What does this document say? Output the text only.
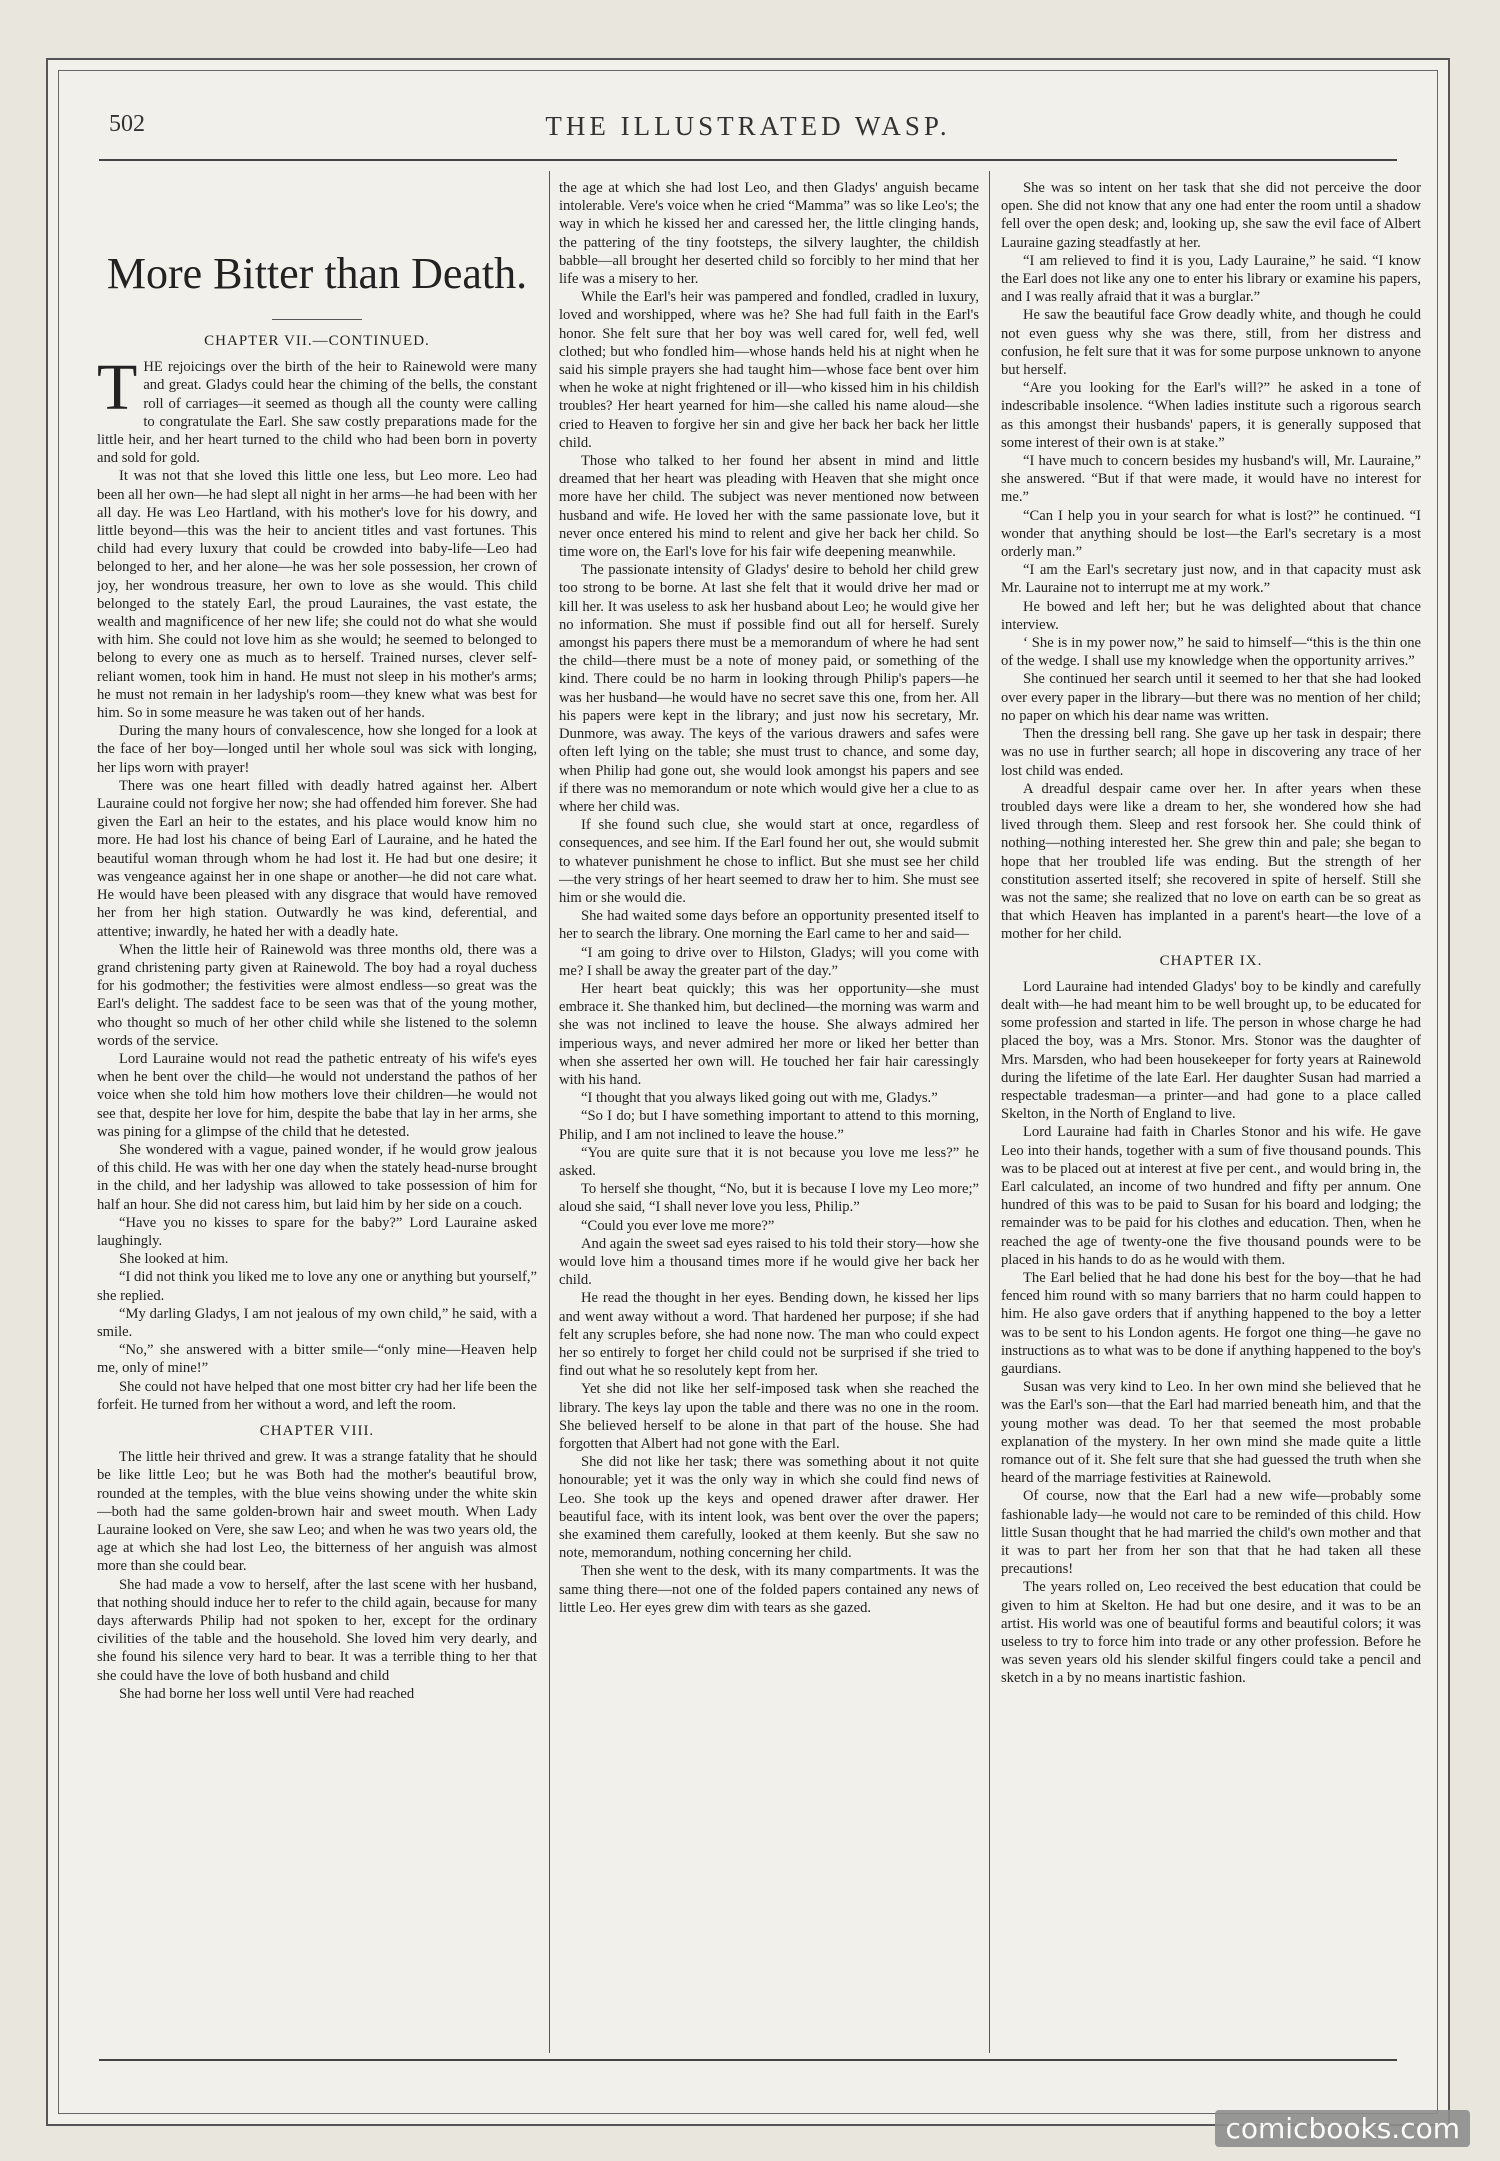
502	THE ILLUSTRATED WASP.
More Bitter than Death.
CHAPTER VII.—CONTINUED.

THE rejoicings over the birth of the heir to Rainewold were many and great. Gladys could hear the chiming of the bells, the constant roll of carriages—it seemed as though all the county were calling to congratulate the Earl. She saw costly preparations made for the little heir, and her heart turned to the child who had been born in poverty and sold for gold.

It was not that she loved this little one less, but Leo more. Leo had been all her own—he had slept all night in her arms—he had been with her all day. He was Leo Hartland, with his mother's love for his dowry, and little beyond—this was the heir to ancient titles and vast fortunes. This child had every luxury that could be crowded into baby-life—Leo had belonged to her, and her alone—he was her sole possession, her crown of joy, her wondrous treasure, her own to love as she would. This child belonged to the stately Earl, the proud Lauraines, the vast estate, the wealth and magnificence of her new life; she could not do what she would with him. She could not love him as she would; he seemed to belonged to belong to every one as much as to herself. Trained nurses, clever self-reliant women, took him in hand. He must not sleep in his mother's arms; he must not remain in her ladyship's room—they knew what was best for him. So in some measure he was taken out of her hands.

During the many hours of convalescence, how she longed for a look at the face of her boy—longed until her whole soul was sick with longing, her lips worn with prayer!

There was one heart filled with deadly hatred against her. Albert Lauraine could not forgive her now; she had offended him forever. She had given the Earl an heir to the estates, and his place would know him no more. He had lost his chance of being Earl of Lauraine, and he hated the beautiful woman through whom he had lost it. He had but one desire; it was vengeance against her in one shape or another—he did not care what. He would have been pleased with any disgrace that would have removed her from her high station. Outwardly he was kind, deferential, and attentive; inwardly, he hated her with a deadly hate.

When the little heir of Rainewold was three months old, there was a grand christening party given at Rainewold. The boy had a royal duchess for his godmother; the festivities were almost endless—so great was the Earl's delight. The saddest face to be seen was that of the young mother, who thought so much of her other child while she listened to the solemn words of the service.

Lord Lauraine would not read the pathetic entreaty of his wife's eyes when he bent over the child—he would not understand the pathos of her voice when she told him how mothers love their children—he would not see that, despite her love for him, despite the babe that lay in her arms, she was pining for a glimpse of the child that he detested.

She wondered with a vague, pained wonder, if he would grow jealous of this child. He was with her one day when the stately head-nurse brought in the child, and her ladyship was allowed to take possession of him for half an hour. She did not caress him, but laid him by her side on a couch.

“Have you no kisses to spare for the baby?” Lord Lauraine asked laughingly.

She looked at him.

“I did not think you liked me to love any one or anything but yourself,” she replied.

“My darling Gladys, I am not jealous of my own child,” he said, with a smile.

“No,” she answered with a bitter smile—“only mine—Heaven help me, only of mine!”

She could not have helped that one most bitter cry had her life been the forfeit. He turned from her without a word, and left the room.

CHAPTER VIII.

The little heir thrived and grew. It was a strange fatality that he should be like little Leo; but he was Both had the mother's beautiful brow, rounded at the temples, with the blue veins showing under the white skin—both had the same golden-brown hair and sweet mouth. When Lady Lauraine looked on Vere, she saw Leo; and when he was two years old, the age at which she had lost Leo, the bitterness of her anguish was almost more than she could bear.

She had made a vow to herself, after the last scene with her husband, that nothing should induce her to refer to the child again, because for many days afterwards Philip had not spoken to her, except for the ordinary civilities of the table and the household. She loved him very dearly, and she found his silence very hard to bear. It was a terrible thing to her that she could have the love of both husband and child

She had borne her loss well until Vere had reached

the age at which she had lost Leo, and then Gladys' anguish became intolerable. Vere's voice when he cried “Mamma” was so like Leo's; the way in which he kissed her and caressed her, the little clinging hands, the pattering of the tiny footsteps, the silvery laughter, the childish babble—all brought her deserted child so forcibly to her mind that her life was a misery to her.

While the Earl's heir was pampered and fondled, cradled in luxury, loved and worshipped, where was he? She had full faith in the Earl's honor. She felt sure that her boy was well cared for, well fed, well clothed; but who fondled him—whose hands held his at night when he said his simple prayers she had taught him—whose face bent over him when he woke at night frightened or ill—who kissed him in his childish troubles? Her heart yearned for him—she called his name aloud—she cried to Heaven to forgive her sin and give her back her back her little child.

Those who talked to her found her absent in mind and little dreamed that her heart was pleading with Heaven that she might once more have her child. The subject was never mentioned now between husband and wife. He loved her with the same passionate love, but it never once entered his mind to relent and give her back her child. So time wore on, the Earl's love for his fair wife deepening meanwhile.

The passionate intensity of Gladys' desire to behold her child grew too strong to be borne. At last she felt that it would drive her mad or kill her. It was useless to ask her husband about Leo; he would give her no information. She must if possible find out all for herself. Surely amongst his papers there must be a memorandum of where he had sent the child—there must be a note of money paid, or something of the kind. There could be no harm in looking through Philip's papers—he was her husband—he would have no secret save this one, from her. All his papers were kept in the library; and just now his secretary, Mr. Dunmore, was away. The keys of the various drawers and safes were often left lying on the table; she must trust to chance, and some day, when Philip had gone out, she would look amongst his papers and see if there was no memorandum or note which would give her a clue to as where her child was.

If she found such clue, she would start at once, regardless of consequences, and see him. If the Earl found her out, she would submit to whatever punishment he chose to inflict. But she must see her child—the very strings of her heart seemed to draw her to him. She must see him or she would die.

She had waited some days before an opportunity presented itself to her to search the library. One morning the Earl came to her and said—

“I am going to drive over to Hilston, Gladys; will you come with me? I shall be away the greater part of the day.”

Her heart beat quickly; this was her opportunity—she must embrace it. She thanked him, but declined—the morning was warm and she was not inclined to leave the house. She always admired her imperious ways, and never admired her more or liked her better than when she asserted her own will. He touched her fair hair caressingly with his hand.

“I thought that you always liked going out with me, Gladys.”

“So I do; but I have something important to attend to this morning, Philip, and I am not inclined to leave the house.”

“You are quite sure that it is not because you love me less?” he asked.

To herself she thought, “No, but it is because I love my Leo more;” aloud she said, “I shall never love you less, Philip.”

“Could you ever love me more?”

And again the sweet sad eyes raised to his told their story—how she would love him a thousand times more if he would give her back her child.

He read the thought in her eyes. Bending down, he kissed her lips and went away without a word. That hardened her purpose; if she had felt any scruples before, she had none now. The man who could expect her so entirely to forget her child could not be surprised if she tried to find out what he so resolutely kept from her.

Yet she did not like her self-imposed task when she reached the library. The keys lay upon the table and there was no one in the room. She believed herself to be alone in that part of the house. She had forgotten that Albert had not gone with the Earl.

She did not like her task; there was something about it not quite honourable; yet it was the only way in which she could find news of Leo. She took up the keys and opened drawer after drawer. Her beautiful face, with its intent look, was bent over the over the papers; she examined them carefully, looked at them keenly. But she saw no note, memorandum, nothing concerning her child.

Then she went to the desk, with its many compartments. It was the same thing there—not one of the folded papers contained any news of little Leo. Her eyes grew dim with tears as she gazed.

She was so intent on her task that she did not perceive the door open. She did not know that any one had enter the room until a shadow fell over the open desk; and, looking up, she saw the evil face of Albert Lauraine gazing steadfastly at her.

“I am relieved to find it is you, Lady Lauraine,” he said. “I know the Earl does not like any one to enter his library or examine his papers, and I was really afraid that it was a burglar.”

He saw the beautiful face Grow deadly white, and though he could not even guess why she was there, still, from her distress and confusion, he felt sure that it was for some purpose unknown to anyone but herself.

“Are you looking for the Earl's will?” he asked in a tone of indescribable insolence. “When ladies institute such a rigorous search as this amongst their husbands' papers, it is generally supposed that some interest of their own is at stake.”

“I have much to concern besides my husband's will, Mr. Lauraine,” she answered. “But if that were made, it would have no interest for me.”

“Can I help you in your search for what is lost?” he continued. “I wonder that anything should be lost—the Earl's secretary is a most orderly man.”

“I am the Earl's secretary just now, and in that capacity must ask Mr. Lauraine not to interrupt me at my work.”

He bowed and left her; but he was delighted about that chance interview.

‘ She is in my power now,” he said to himself—“this is the thin one of the wedge. I shall use my knowledge when the opportunity arrives.”

She continued her search until it seemed to her that she had looked over every paper in the library—but there was no mention of her child; no paper on which his dear name was written.

Then the dressing bell rang. She gave up her task in despair; there was no use in further search; all hope in discovering any trace of her lost child was ended.

A dreadful despair came over her. In after years when these troubled days were like a dream to her, she wondered how she had lived through them. Sleep and rest forsook her. She could think of nothing—nothing interested her. She grew thin and pale; she began to hope that her troubled life was ending. But the strength of her constitution asserted itself; she recovered in spite of herself. Still she was not the same; she realized that no love on earth can be so great as that which Heaven has implanted in a parent's heart—the love of a mother for her child.

CHAPTER IX.

Lord Lauraine had intended Gladys' boy to be kindly and carefully dealt with—he had meant him to be well brought up, to be educated for some profession and started in life. The person in whose charge he had placed the boy, was a Mrs. Stonor. Mrs. Stonor was the daughter of Mrs. Marsden, who had been housekeeper for forty years at Rainewold during the lifetime of the late Earl. Her daughter Susan had married a respectable tradesman—a printer—and had gone to a place called Skelton, in the North of England to live.

Lord Lauraine had faith in Charles Stonor and his wife. He gave Leo into their hands, together with a sum of five thousand pounds. This was to be placed out at interest at five per cent., and would bring in, the Earl calculated, an income of two hundred and fifty per annum. One hundred of this was to be paid to Susan for his board and lodging; the remainder was to be paid for his clothes and education. Then, when he reached the age of twenty-one the five thousand pounds were to be placed in his hands to do as he would with them.

The Earl belied that he had done his best for the boy—that he had fenced him round with so many barriers that no harm could happen to him. He also gave orders that if anything happened to the boy a letter was to be sent to his London agents. He forgot one thing—he gave no instructions as to what was to be done if anything happened to the boy's gaurdians.

Susan was very kind to Leo. In her own mind she believed that he was the Earl's son—that the Earl had married beneath him, and that the young mother was dead. To her that seemed the most probable explanation of the mystery. In her own mind she made quite a little romance out of it. She felt sure that she had guessed the truth when she heard of the marriage festivities at Rainewold.

Of course, now that the Earl had a new wife—probably some fashionable lady—he would not care to be reminded of this child. How little Susan thought that he had married the child's own mother and that it was to part her from her son that that he had taken all these precautions!

The years rolled on, Leo received the best education that could be given to him at Skelton. He had but one desire, and it was to be an artist. His world was one of beautiful forms and beautiful colors; it was useless to try to force him into trade or any other profession. Before he was seven years old his slender skilful fingers could take a pencil and sketch in a by no means inartistic fashion.

comicbooks.com
